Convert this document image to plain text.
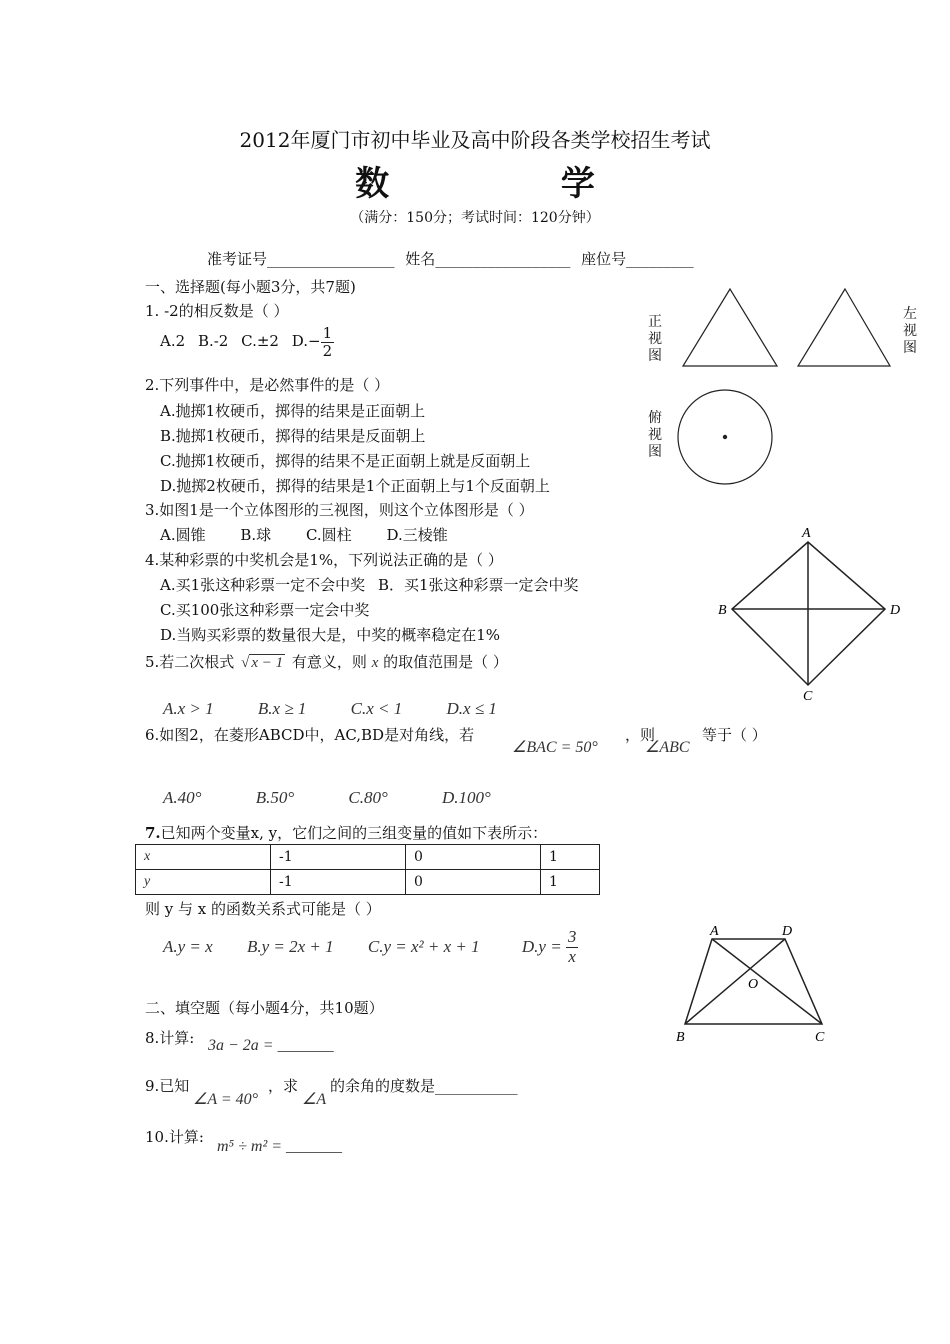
2012年厦门市初中毕业及高中阶段各类学校招生考试
数 学
（满分：150分；考试时间：120分钟）
准考证号_________________ 姓名__________________ 座位号_________
一、选择题(每小题3分，共7题)
1. -2的相反数是（ ）
A.2 B.-2 C.±2 $D.- \frac{1}{2}$
2.下列事件中，是必然事件的是（ ）
A.抛掷1枚硬币，掷得的结果是正面朝上
B.抛掷1枚硬币，掷得的结果是反面朝上
C.抛掷1枚硬币，掷得的结果不是正面朝上就是反面朝上
D.抛掷2枚硬币，掷得的结果是1个正面朝上与1个反面朝上
3.如图1是一个立体图形的三视图，则这个立体图形是（ ）
A.圆锥 B.球 C.圆柱 D.三棱锥
4.某种彩票的中奖机会是1%，下列说法正确的是（ ）
A.买1张这种彩票一定不会中奖 B．买1张这种彩票一定会中奖
C.买100张这种彩票一定会中奖
D.当购买彩票的数量很大是，中奖的概率稳定在1%
5.若二次根式 √ x − 1 有意义，则 x 的取值范围是（ ）
A.x > 1	B.x ≥ 1	C.x < 1	D.x ≤ 1
6.如图2，在菱形ABCD中，AC,BD是对角线，若
∠BAC = 50°
，则
∠ABC
等于（ ）
A.40°	B.50°	C.80°	D.100°
7.已知两个变量x, y，它们之间的三组变量的值如下表所示：
x	-1	0	1
y	-1	0	1
则 y 与 x 的函数关系式可能是（ ）
A.y = x B.y = 2x + 1 C.y = x² + x + 1 $D.y = \frac{3}{x}$
二、填空题（每小题4分，共10题）
8.计算: 3a − 2a = _______
9.已知
∠A = 40°
，求
∠A
的余角的度数是___________
10.计算:
m⁵ ÷ m² = _______
正视图
左视图
俯视图
A
B
C
D
A	D
O
B	C
